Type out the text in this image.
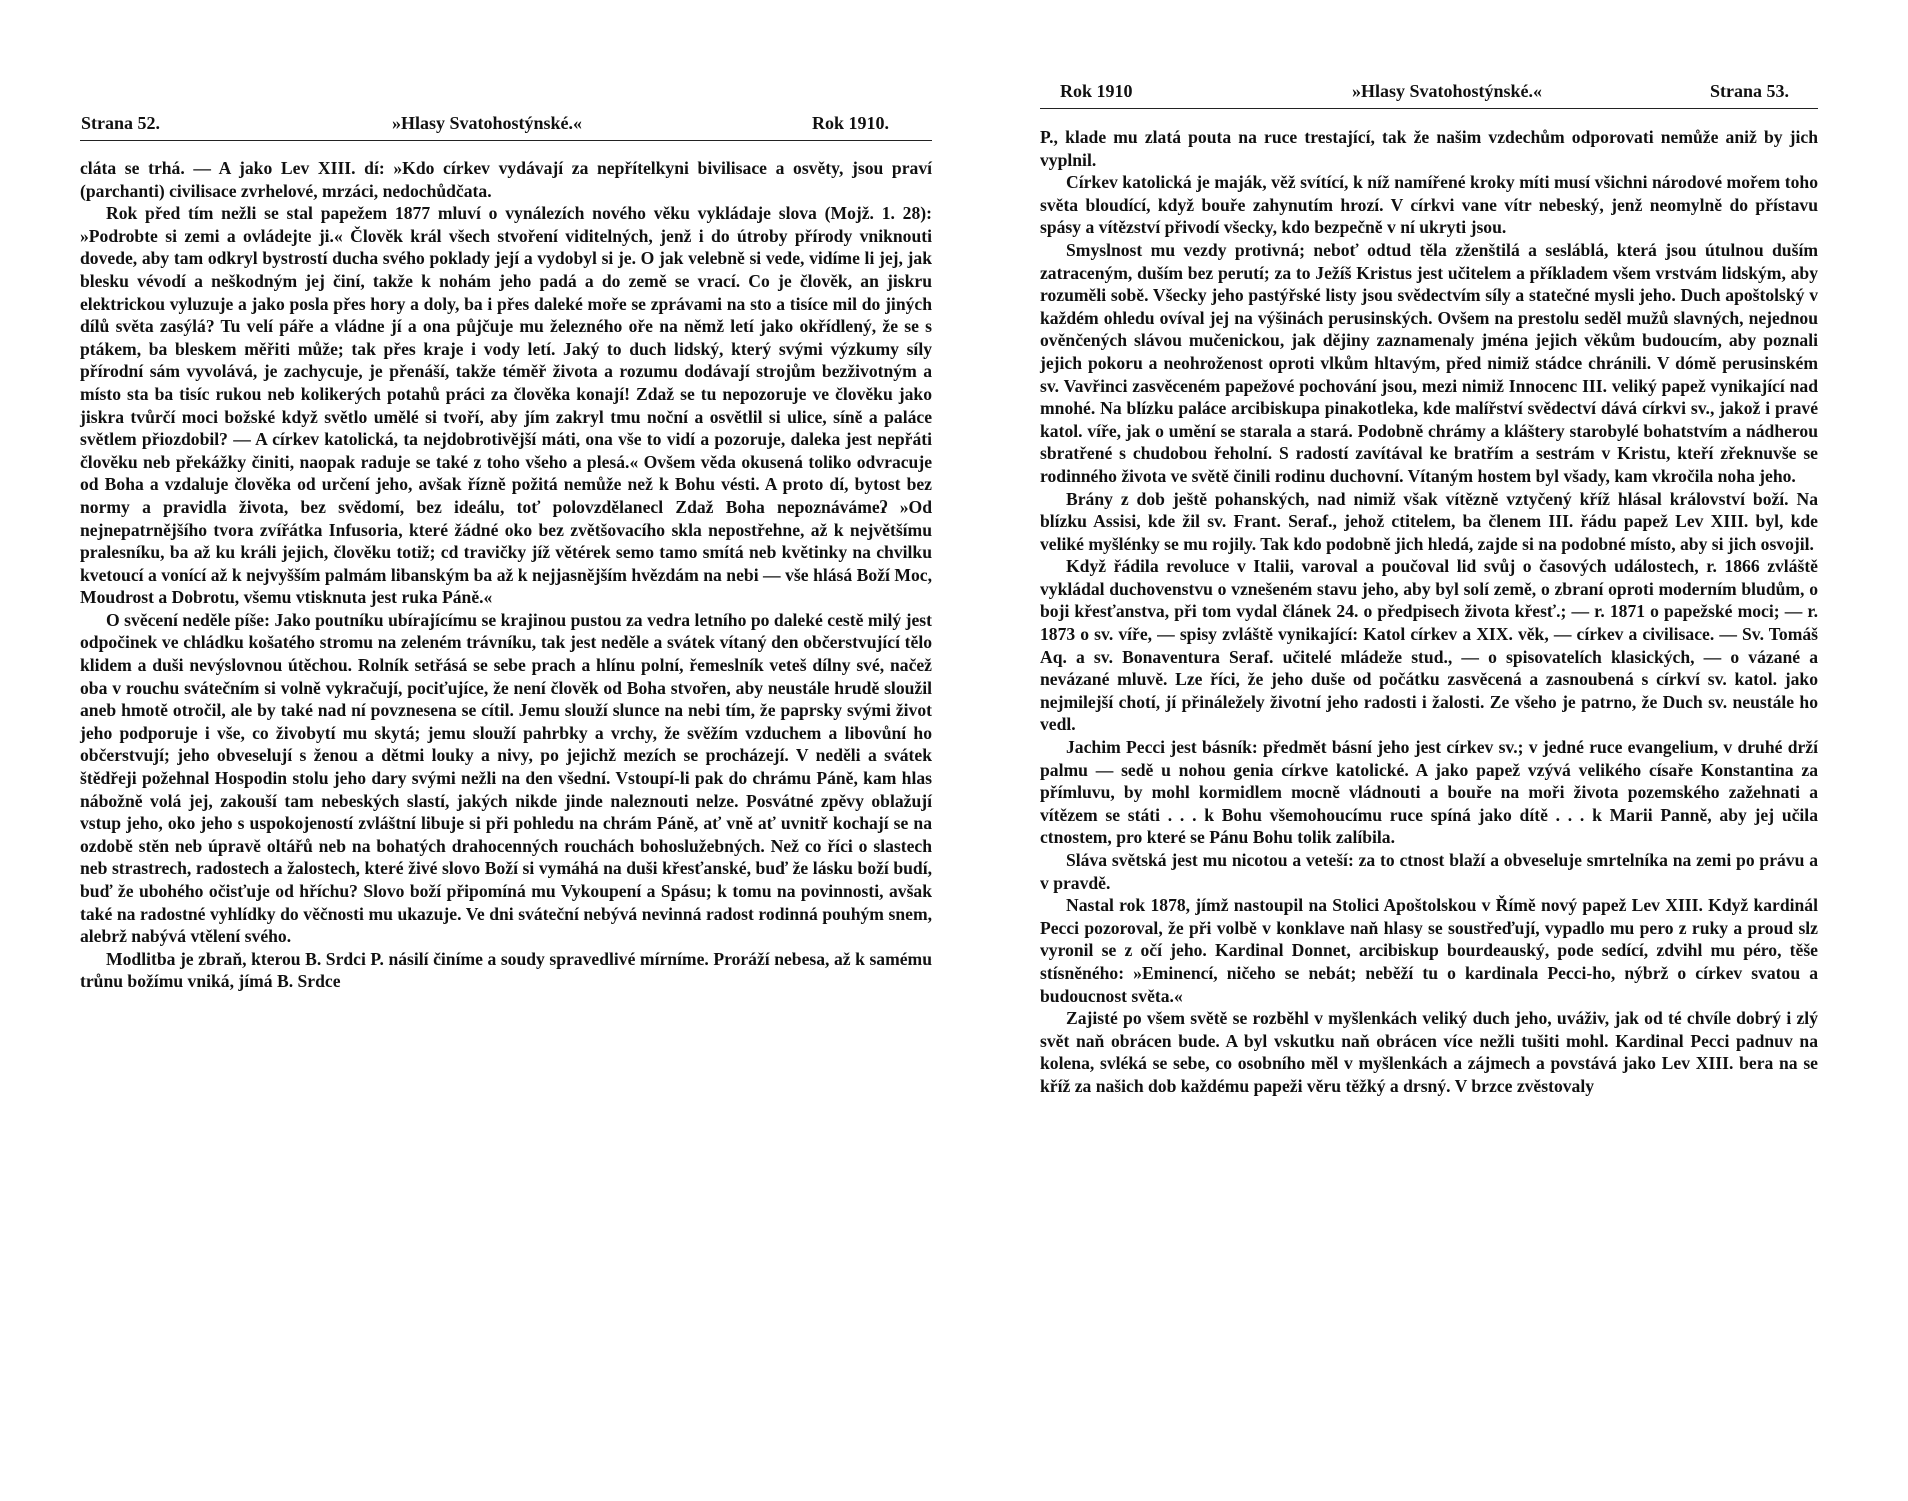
Strana 52.	»Hlasy Svatohostýnské.«	Rok 1910.

cláta se trhá. — A jako Lev XIII. dí: »Kdo církev vydávají za nepřítelkyni bivilisace a osvěty, jsou praví (parchanti) civilisace zvrhelové, mrzáci, nedochůdčata.

Rok před tím nežli se stal papežem 1877 mluví o vynálezích nového věku vykládaje slova (Mojž. 1. 28): »Podrobte si zemi a ovládejte ji.« Člověk král všech stvoření viditelných, jenž i do útroby přírody vniknouti dovede, aby tam odkryl bystrostí ducha svého poklady její a vydobyl si je. O jak velebně si vede, vidíme li jej, jak blesku vévodí a neškodným jej činí, takže k nohám jeho padá a do země se vrací. Co je člověk, an jiskru elektrickou vyluzuje a jako posla přes hory a doly, ba i přes daleké moře se zprávami na sto a tisíce mil do jiných dílů světa zasýlá? Tu velí páře a vládne jí a ona půjčuje mu železného oře na němž letí jako okřídlený, že se s ptákem, ba bleskem měřiti může; tak přes kraje i vody letí. Jaký to duch lidský, který svými výzkumy síly přírodní sám vyvolává, je zachycuje, je přenáší, takže téměř života a rozumu dodávají strojům bezživotným a místo sta ba tisíc rukou neb kolikerých potahů práci za člověka konají! Zdaž se tu nepozoruje ve člověku jako jiskra tvůrčí moci božské když světlo umělé si tvoří, aby jím zakryl tmu noční a osvětlil si ulice, síně a paláce světlem přiozdobil? — A církev katolická, ta nejdobrotivější máti, ona vše to vidí a pozoruje, daleka jest nepřáti člověku neb překážky činiti, naopak raduje se také z toho všeho a plesá.« Ovšem věda okusená toliko odvracuje od Boha a vzdaluje člověka od určení jeho, avšak řízně požitá nemůže než k Bohu vésti. A proto dí, bytost bez normy a pravidla života, bez svědomí, bez ideálu, toť polovzdělanecl Zdaž Boha nepoznávámeʔ »Od nejnepatrnějšího tvora zvířátka Infusoria, které žádné oko bez zvětšovacího skla nepostřehne, až k největšímu pralesníku, ba až ku králi jejich, člověku totiž; cd travičky jíž větérek semo tamo smítá neb květinky na chvilku kvetoucí a vonící až k nejvyšším palmám libanským ba až k nejjasnějším hvězdám na nebi — vše hlásá Boží Moc, Moudrost a Dobrotu, všemu vtisknuta jest ruka Páně.«

O svěcení neděle píše: Jako poutníku ubírajícímu se krajinou pustou za vedra letního po daleké cestě milý jest odpočinek ve chládku košatého stromu na zeleném trávníku, tak jest neděle a svátek vítaný den občerstvující tělo klidem a duši nevýslovnou útěchou. Rolník setřásá se sebe prach a hlínu polní, řemeslník veteš dílny své, načež oba v rouchu svátečním si volně vykračují, pociťujíce, že není člověk od Boha stvořen, aby neustále hrudě sloužil aneb hmotě otročil, ale by také nad ní povznesena se cítil. Jemu slouží slunce na nebi tím, že paprsky svými život jeho podporuje i vše, co živobytí mu skytá; jemu slouží pahrbky a vrchy, že svěžím vzduchem a libovůní ho občerstvují; jeho obveselují s ženou a dětmi louky a nivy, po jejichž mezích se procházejí. V neděli a svátek štědřeji požehnal Hospodin stolu jeho dary svými nežli na den všední. Vstoupí-li pak do chrámu Páně, kam hlas nábožně volá jej, zakouší tam nebeských slastí, jakých nikde jinde naleznouti nelze. Posvátné zpěvy oblažují vstup jeho, oko jeho s uspokojeností zvláštní libuje si při pohledu na chrám Páně, ať vně ať uvnitř kochají se na ozdobě stěn neb úpravě oltářů neb na bohatých drahocenných rouchách bohoslužebných. Než co říci o slastech neb strastrech, radostech a žalostech, které živé slovo Boží si vymáhá na duši křesťanské, buď že lásku boží budí, buď že ubohého očisťuje od hříchu? Slovo boží připomíná mu Vykoupení a Spásu; k tomu na povinnosti, avšak také na radostné vyhlídky do věčnosti mu ukazuje. Ve dni sváteční nebývá nevinná radost rodinná pouhým snem, alebrž nabývá vtělení svého.

Modlitba je zbraň, kterou B. Srdci P. násilí činíme a soudy spravedlivé mírníme. Proráží nebesa, až k samému trůnu božímu vniká, jímá B. Srdce

Rok 1910	»Hlasy Svatohostýnské.«	Strana 53.

P., klade mu zlatá pouta na ruce trestající, tak že našim vzdechům odporovati nemůže aniž by jich vyplnil.

Církev katolická je maják, věž svítící, k níž namířené kroky míti musí všichni národové mořem toho světa bloudící, když bouře zahynutím hrozí. V církvi vane vítr nebeský, jenž neomylně do přístavu spásy a vítězství přivodí všecky, kdo bezpečně v ní ukryti jsou.

Smyslnost mu vezdy protivná; neboť odtud těla zženštilá a sesláblá, která jsou útulnou duším zatraceným, duším bez perutí; za to Ježíš Kristus jest učitelem a příkladem všem vrstvám lidským, aby rozuměli sobě. Všecky jeho pastýřské listy jsou svědectvím síly a statečné mysli jeho. Duch apoštolský v každém ohledu ovíval jej na výšinách perusinských. Ovšem na prestolu seděl mužů slavných, nejednou ověnčených slávou mučenickou, jak dějiny zaznamenaly jména jejich věkům budoucím, aby poznali jejich pokoru a neohroženost oproti vlkům hltavým, před nimiž stádce chránili. V dómě perusinském sv. Vavřinci zasvěceném papežové pochování jsou, mezi nimiž Innocenc III. veliký papež vynikající nad mnohé. Na blízku paláce arcibiskupa pinakotleka, kde malířství svědectví dává církvi sv., jakož i pravé katol. víře, jak o umění se starala a stará. Podobně chrámy a kláštery starobylé bohatstvím a nádherou sbratřené s chudobou řeholní. S radostí zavítával ke bratřím a sestrám v Kristu, kteří zřeknuvše se rodinného života ve světě činili rodinu duchovní. Vítaným hostem byl všady, kam vkročila noha jeho.

Brány z dob ještě pohanských, nad nimiž však vítězně vztyčený kříž hlásal království boží. Na blízku Assisi, kde žil sv. Frant. Seraf., jehož ctitelem, ba členem III. řádu papež Lev XIII. byl, kde veliké myšlénky se mu rojily. Tak kdo podobně jich hledá, zajde si na podobné místo, aby si jich osvojil.

Když řádila revoluce v Italii, varoval a poučoval lid svůj o časových událostech, r. 1866 zvláště vykládal duchovenstvu o vznešeném stavu jeho, aby byl solí země, o zbraní oproti moderním bludům, o boji křesťanstva, při tom vydal článek 24. o předpisech života křesť.; — r. 1871 o papežské moci; — r. 1873 o sv. víře, — spisy zvláště vynikající: Katol církev a XIX. věk, — církev a civilisace. — Sv. Tomáš Aq. a sv. Bonaventura Seraf. učitelé mládeže stud., — o spisovatelích klasických, — o vázané a nevázané mluvě. Lze říci, že jeho duše od počátku zasvěcená a zasnoubená s církví sv. katol. jako nejmilejší chotí, jí přináležely životní jeho radosti i žalosti. Ze všeho je patrno, že Duch sv. neustále ho vedl.

Jachim Pecci jest básník: předmět básní jeho jest církev sv.; v jedné ruce evangelium, v druhé drží palmu — sedě u nohou genia církve katolické. A jako papež vzývá velikého císaře Konstantina za přímluvu, by mohl kormidlem mocně vládnouti a bouře na moři života pozemského zažehnati a vítězem se státi . . . k Bohu všemohoucímu ruce spíná jako dítě . . . k Marii Panně, aby jej učila ctnostem, pro které se Pánu Bohu tolik zalíbila.

Sláva světská jest mu nicotou a veteší: za to ctnost blaží a obveseluje smrtelníka na zemi po právu a v pravdě.

Nastal rok 1878, jímž nastoupil na Stolici Apoštolskou v Římě nový papež Lev XIII. Když kardinál Pecci pozoroval, že při volbě v konklave naň hlasy se soustřeďují, vypadlo mu pero z ruky a proud slz vyronil se z očí jeho. Kardinal Donnet, arcibiskup bourdeauský, pode sedící, zdvihl mu péro, těše stísněného: »Eminencí, ničeho se nebát; neběží tu o kardinala Pecci-ho, nýbrž o církev svatou a budoucnost světa.«

Zajisté po všem světě se rozběhl v myšlenkách veliký duch jeho, uváživ, jak od té chvíle dobrý i zlý svět naň obrácen bude. A byl vskutku naň obrácen více nežli tušiti mohl. Kardinal Pecci padnuv na kolena, svléká se sebe, co osobního měl v myšlenkách a zájmech a povstává jako Lev XIII. bera na se kříž za našich dob každému papeži věru těžký a drsný. V brzce zvěstovaly
